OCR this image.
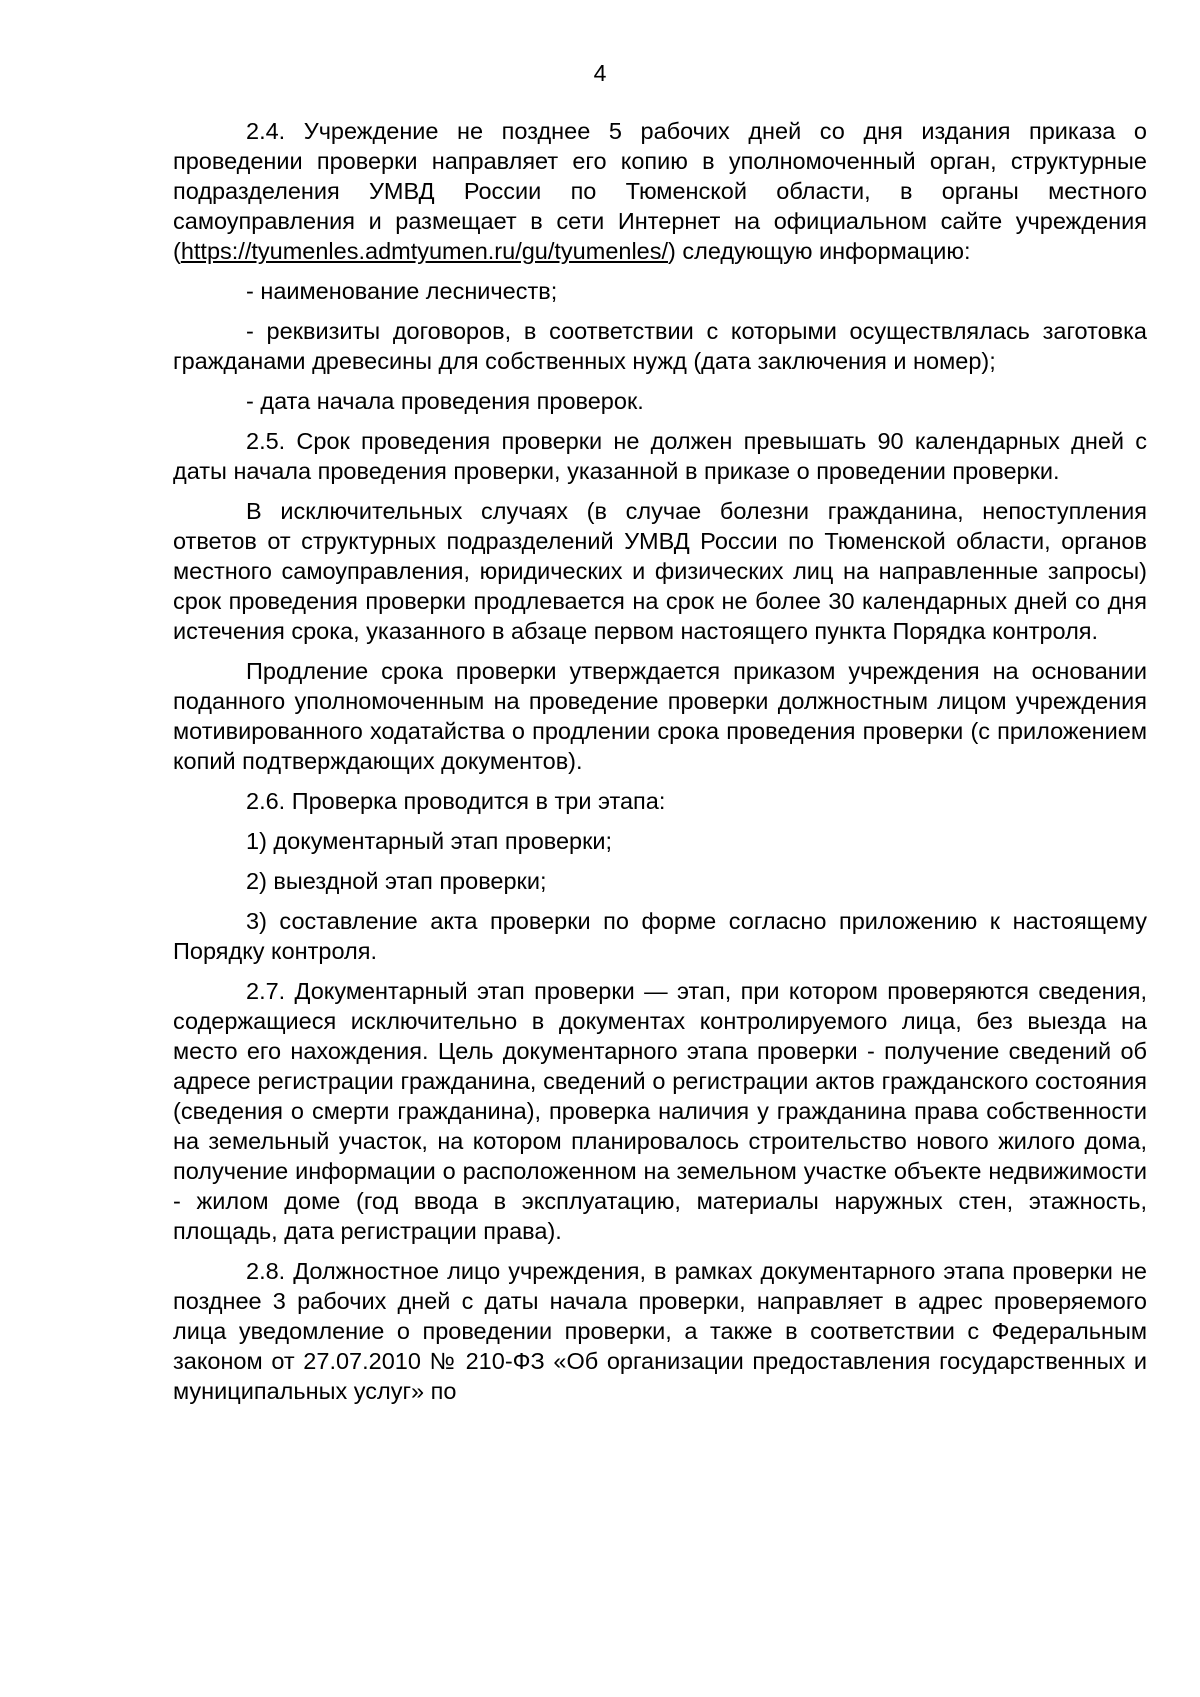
4

2.4. Учреждение не позднее 5 рабочих дней со дня издания приказа о проведении проверки направляет его копию в уполномоченный орган, структурные подразделения УМВД России по Тюменской области, в органы местного самоуправления и размещает в сети Интернет на официальном сайте учреждения (https://tyumenles.admtyumen.ru/gu/tyumenles/) следующую информацию:

- наименование лесничеств;

- реквизиты договоров, в соответствии с которыми осуществлялась заготовка гражданами древесины для собственных нужд (дата заключения и номер);

- дата начала проведения проверок.

2.5. Срок проведения проверки не должен превышать 90 календарных дней с даты начала проведения проверки, указанной в приказе о проведении проверки.

В исключительных случаях (в случае болезни гражданина, непоступления ответов от структурных подразделений УМВД России по Тюменской области, органов местного самоуправления, юридических и физических лиц на направленные запросы) срок проведения проверки продлевается на срок не более 30 календарных дней со дня истечения срока, указанного в абзаце первом настоящего пункта Порядка контроля.

Продление срока проверки утверждается приказом учреждения на основании поданного уполномоченным на проведение проверки должностным лицом учреждения мотивированного ходатайства о продлении срока проведения проверки (с приложением копий подтверждающих документов).

2.6. Проверка проводится в три этапа:

1) документарный этап проверки;

2) выездной этап проверки;

3) составление акта проверки по форме согласно приложению к настоящему Порядку контроля.

2.7. Документарный этап проверки — этап, при котором проверяются сведения, содержащиеся исключительно в документах контролируемого лица, без выезда на место его нахождения. Цель документарного этапа проверки - получение сведений об адресе регистрации гражданина, сведений о регистрации актов гражданского состояния (сведения о смерти гражданина), проверка наличия у гражданина права собственности на земельный участок, на котором планировалось строительство нового жилого дома, получение информации о расположенном на земельном участке объекте недвижимости - жилом доме (год ввода в эксплуатацию, материалы наружных стен, этажность, площадь, дата регистрации права).

2.8. Должностное лицо учреждения, в рамках документарного этапа проверки не позднее 3 рабочих дней с даты начала проверки, направляет в адрес проверяемого лица уведомление о проведении проверки, а также в соответствии с Федеральным законом от 27.07.2010 № 210-ФЗ «Об организации предоставления государственных и муниципальных услуг» по
